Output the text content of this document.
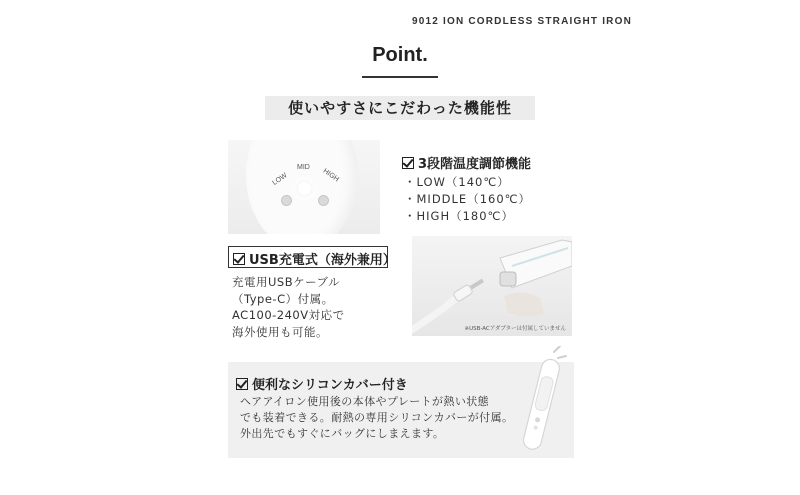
9012 ION CORDLESS STRAIGHT IRON
Point.
使いやすさにこだわった機能性
LOW
MID
HIGH
3段階温度調節機能
・LOW（140℃）
・MIDDLE（160℃）
・HIGH（180℃）
USB充電式（海外兼用）
充電用USBケーブル
（Type-C）付属。
AC100-240V対応で
海外使用も可能。	※USB-ACアダプターは付属していません
便利なシリコンカバー付き
ヘアアイロン使用後の本体やプレートが熱い状態
でも装着できる。耐熱の専用シリコンカバーが付属。
外出先でもすぐにバッグにしまえます。
